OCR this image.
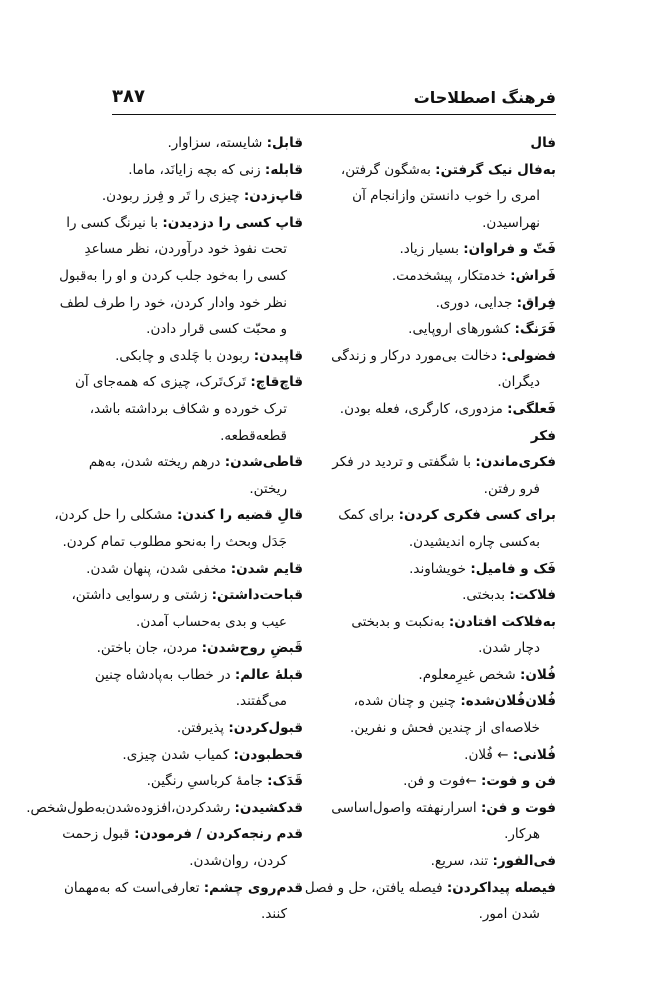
فرهنگ اصطلاحات
۳۸۷
فال
به‌فال نیک گرفتن: به‌شگون گرفتن،
امری را خوب دانستن وازانجام آن
نهراسیدن.
فَتّ و فراوان: بسیار زیاد.
فَراش: خدمتکار، پیشخدمت.
فِراق: جدایی، دوری.
فَرَنگ: کشورهای اروپایی.
فضولی: دخالت بی‌مورد درکار و زندگی
دیگران.
فَعلگی: مزدوری، کارگری، فعله بودن.
فکر
فکری‌ماندن: با شگفتی و تردید در فکر
فرو رفتن.
برای کسی فکری کردن: برای کمک
به‌کسی چاره اندیشیدن.
فَک و فامیل: خویشاوند.
فلاکت: بدبختی.
به‌فلاکت افتادن: به‌نکبت و بدبختی
دچار شدن.
فُلان: شخص غیرِمعلوم.
فُلان‌فُلان‌شده: چنین و چنان شده،
خلاصه‌ای از چندین فحش و نفرین.
فُلانی: ← فُلان.
فن و فوت: ←فوت و فن.
فوت و فن: اسرارنهفته واصول‌اساسی
هرکار.
فی‌الفور: تند، سریع.
فیصله پیداکردن: فیصله یافتن، حل و فصل
شدن امور.
قابل: شایسته، سزاوار.
قابله: زنی که بچه زایانَد، ماما.
قاپ‌زدن: چیزی را تَر و فِرز ربودن.
قاپ کسی را دزدیدن: با نیرنگ کسی را
تحت نفوذ خود درآوردن، نظر مساعدِ
کسی را به‌خود جلب کردن و او را به‌قبول
نظر خود وادار کردن، خود را طرف لطف
و محبّت کسی قرار دادن.
قاپیدن: ربودن با چَلدی و چابکی.
قاچ‌قاچ: تَرک‌تَرک، چیزی که همه‌جای آن
ترک خورده و شکاف برداشته باشد،
قطعه‌قطعه.
قاطی‌شدن: درهم ریخته شدن، به‌هم
ریختن.
قالِ قضیه را کندن: مشکلی را حل کردن،
جَدَل وبحث را به‌نحو مطلوب تمام کردن.
قایم شدن: مخفی شدن، پنهان شدن.
قباحت‌داشتن: زشتی و رسوایی داشتن،
عیب و بدی به‌حساب آمدن.
قَبضِ روح‌شدن: مردن، جان باختن.
قبلهٔ عالم: در خطاب به‌پادشاه چنین
می‌گفتند.
قبول‌کردن: پذیرفتن.
قحطبودن: کمیاب شدن چیزی.
قَدَک: جامهٔ کرباسیِ رنگین.
قدکشیدن: رشدکردن،افزوده‌شدن‌به‌طول‌شخص.
قدم رنجه‌کردن / فرمودن: قبول زحمت
کردن، روان‌شدن.
قدم‌روی چشم: تعارفی‌است که به‌مهمان
کنند.
